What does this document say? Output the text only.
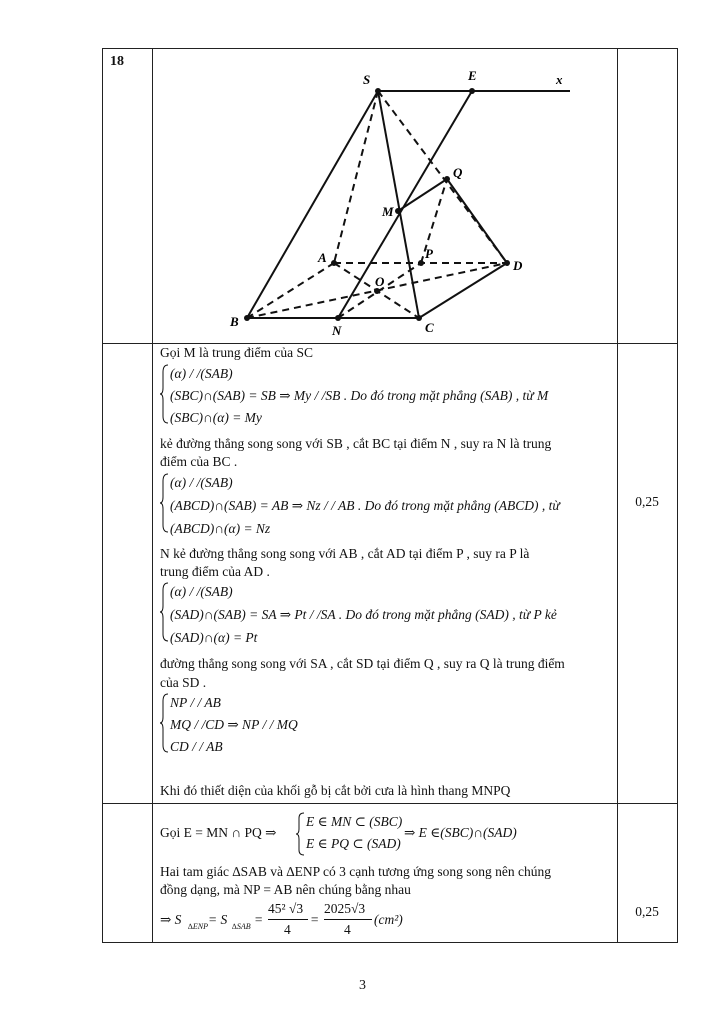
18
S	E	x
Q
M
P
A
D
O
B
N	C
Gọi M là trung điểm của SC
(α) / /(SAB)
(SBC)∩(SAB) = SB ⇒ My / /SB . Do đó trong mặt phẳng (SAB) , từ M
(SBC)∩(α) = My
kẻ đường thẳng song song với SB , cắt BC tại điểm N , suy ra N là trung
điểm của BC .
(α) / /(SAB)
(ABCD)∩(SAB) = AB ⇒ Nz / / AB . Do đó trong mặt phẳng (ABCD) , từ
(ABCD)∩(α) = Nz
0,25
N kẻ đường thẳng song song với AB , cắt AD tại điểm P , suy ra P là
trung điểm của AD .
(α) / /(SAB)
(SAD)∩(SAB) = SA ⇒ Pt / /SA . Do đó trong mặt phẳng (SAD) , từ P kẻ
(SAD)∩(α) = Pt
đường thẳng song song với SA , cắt SD tại điểm Q , suy ra Q là trung điểm
của SD .
NP / / AB
MQ / /CD ⇒ NP / / MQ
CD / / AB
Khi đó thiết diện của khối gỗ bị cắt bởi cưa là hình thang MNPQ
Gọi E = MN ∩ PQ ⇒
E ∈ MN ⊂ (SBC)
E ∈ PQ ⊂ (SAD)
⇒ E ∈(SBC)∩(SAD)
Hai tam giác ∆SAB và ∆ENP có 3 cạnh tương ứng song song nên chúng
đồng dạng, mà NP = AB nên chúng bằng nhau
⇒ S ∆ENP = S ∆SAB =
45² √3
4
=
2025√3
4
(cm²)
0,25
3
